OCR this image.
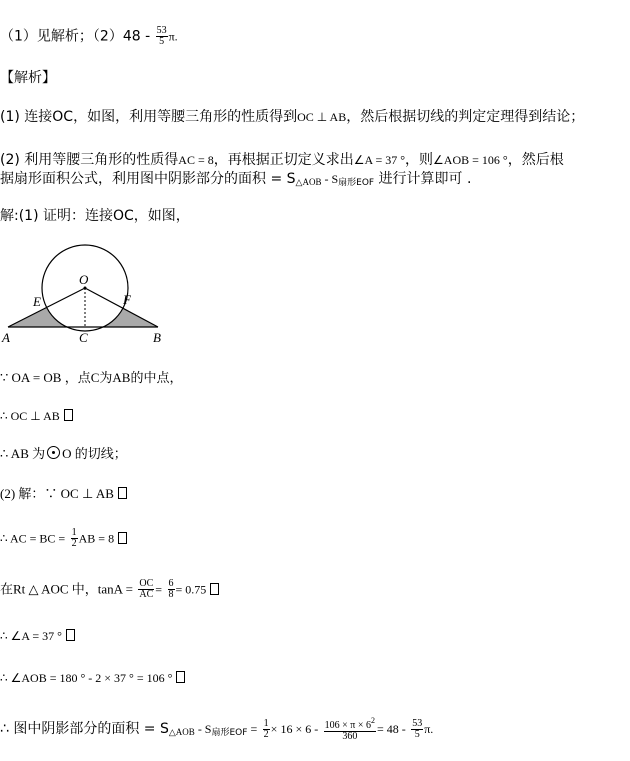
（1）见解析；$(2)48 - \frac{53}{5} \pi$.
【解析】
(1) 连接OC，如图，利用等腰三角形的性质得到OC ⊥ AB，然后根据切线的判定定理得到结论；
(2) 利用等腰三角形的性质得AC = 8，再根据正切定义求出∠A = 37 °，则∠AOB = 106 °，然后根
据扇形面积公式，利用图中阴影部分的面积 = $S_{\triangle AOB} - S_{扇形EOF}$ 进行计算即可 .
解:(1) 证明：连接OC，如图，
O
E	F
A	C	B
∵ OA = OB ，点C为AB的中点，
∴ OC ⊥ AB
∴ AB 为 O 的切线；
(2) 解：∵ OC ⊥ AB
∴ AC = BC = $\frac{1}{2}$ AB = 8
在Rt △ AOC 中，$\tan A = \frac{OC}{AC} = \frac{6}{8} = 0.75$
∴ ∠A = 37 °
∴ ∠AOB = 180 ° - 2 × 37 ° = 106 °
∴ 图中阴影部分的面积 = $S_{\triangle AOB} - S_{扇形EOF} = \frac{1}{2} \times 16 \times 6 - \frac{106 \times \pi \times 6^2}{360} = 48 - \frac{53}{5} \pi$.
